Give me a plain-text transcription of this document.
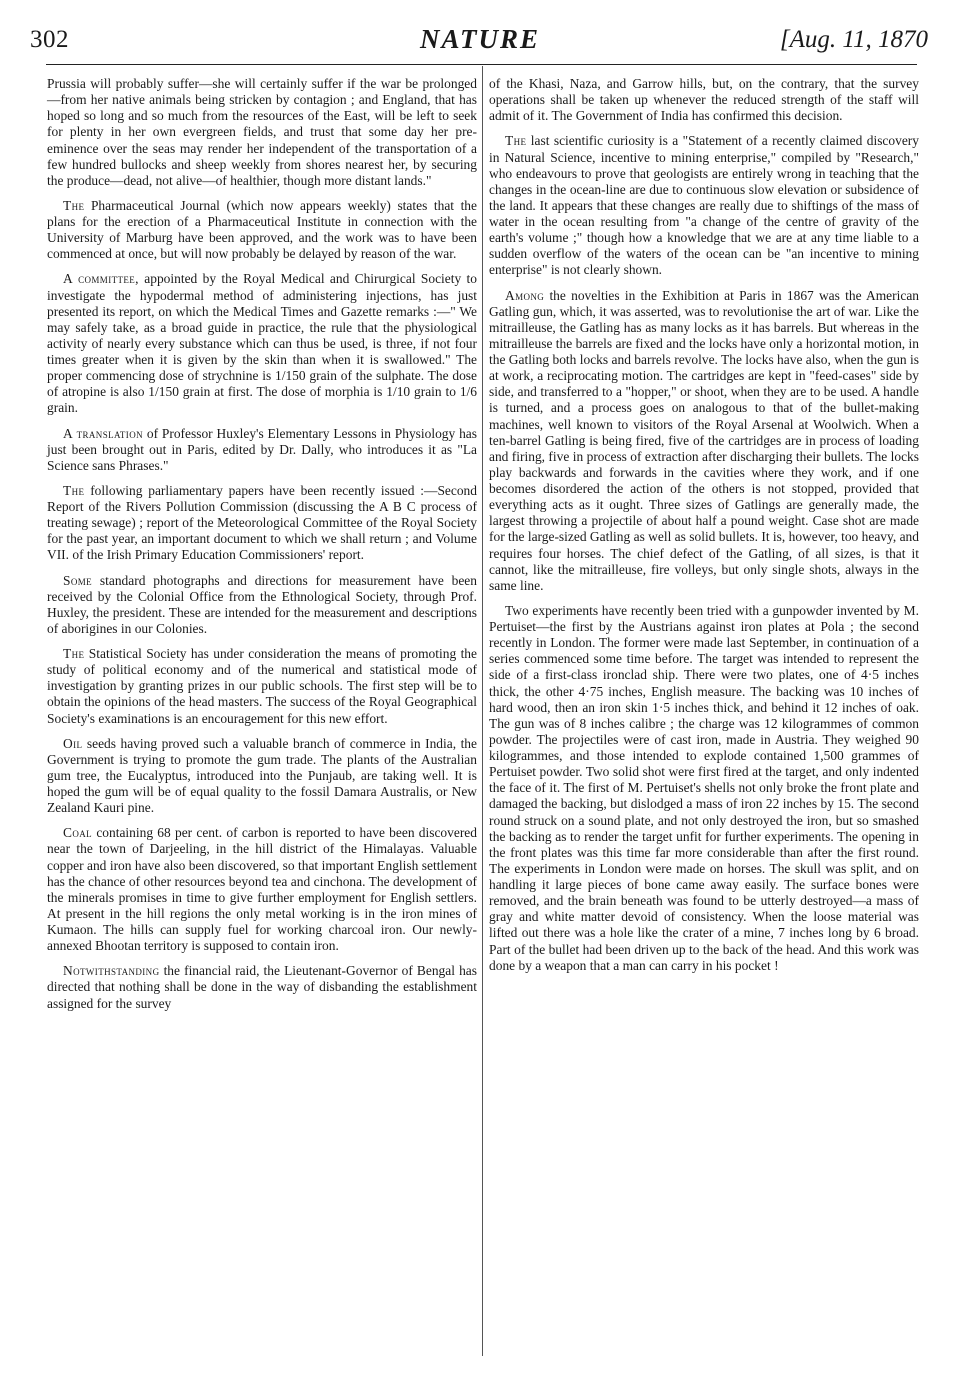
302	NATURE	[Aug. 11, 1870

Prussia will probably suffer—she will certainly suffer if the war be prolonged—from her native animals being stricken by contagion ; and England, that has hoped so long and so much from the resources of the East, will be left to seek for plenty in her own evergreen fields, and trust that some day her pre-eminence over the seas may render her independent of the transportation of a few hundred bullocks and sheep weekly from shores nearest her, by securing the produce—dead, not alive—of healthier, though more distant lands."

The Pharmaceutical Journal (which now appears weekly) states that the plans for the erection of a Pharmaceutical Institute in connection with the University of Marburg have been approved, and the work was to have been commenced at once, but will now probably be delayed by reason of the war.

A committee, appointed by the Royal Medical and Chirurgical Society to investigate the hypodermal method of administering injections, has just presented its report, on which the Medical Times and Gazette remarks :—" We may safely take, as a broad guide in practice, the rule that the physiological activity of nearly every substance which can thus be used, is three, if not four times greater when it is given by the skin than when it is swallowed." The proper commencing dose of strychnine is 1/150 grain of the sulphate. The dose of atropine is also 1/150 grain at first. The dose of morphia is 1/10 grain to 1/6 grain.

A translation of Professor Huxley's Elementary Lessons in Physiology has just been brought out in Paris, edited by Dr. Dally, who introduces it as "La Science sans Phrases."

The following parliamentary papers have been recently issued :—Second Report of the Rivers Pollution Commission (discussing the A B C process of treating sewage) ; report of the Meteorological Committee of the Royal Society for the past year, an important document to which we shall return ; and Volume VII. of the Irish Primary Education Commissioners' report.

Some standard photographs and directions for measurement have been received by the Colonial Office from the Ethnological Society, through Prof. Huxley, the president. These are intended for the measurement and descriptions of aborigines in our Colonies.

The Statistical Society has under consideration the means of promoting the study of political economy and of the numerical and statistical mode of investigation by granting prizes in our public schools. The first step will be to obtain the opinions of the head masters. The success of the Royal Geographical Society's examinations is an encouragement for this new effort.

Oil seeds having proved such a valuable branch of commerce in India, the Government is trying to promote the gum trade. The plants of the Australian gum tree, the Eucalyptus, introduced into the Punjaub, are taking well. It is hoped the gum will be of equal quality to the fossil Damara Australis, or New Zealand Kauri pine.

Coal containing 68 per cent. of carbon is reported to have been discovered near the town of Darjeeling, in the hill district of the Himalayas. Valuable copper and iron have also been discovered, so that important English settlement has the chance of other resources beyond tea and cinchona. The development of the minerals promises in time to give further employment for English settlers. At present in the hill regions the only metal working is in the iron mines of Kumaon. The hills can supply fuel for working charcoal iron. Our newly-annexed Bhootan territory is supposed to contain iron.

Notwithstanding the financial raid, the Lieutenant-Governor of Bengal has directed that nothing shall be done in the way of disbanding the establishment assigned for the survey

of the Khasi, Naza, and Garrow hills, but, on the contrary, that the survey operations shall be taken up whenever the reduced strength of the staff will admit of it. The Government of India has confirmed this decision.

The last scientific curiosity is a "Statement of a recently claimed discovery in Natural Science, incentive to mining enterprise," compiled by "Research," who endeavours to prove that geologists are entirely wrong in teaching that the changes in the ocean-line are due to continuous slow elevation or subsidence of the land. It appears that these changes are really due to shiftings of the mass of water in the ocean resulting from "a change of the centre of gravity of the earth's volume ;" though how a knowledge that we are at any time liable to a sudden overflow of the waters of the ocean can be "an incentive to mining enterprise" is not clearly shown.

Among the novelties in the Exhibition at Paris in 1867 was the American Gatling gun, which, it was asserted, was to revolutionise the art of war. Like the mitrailleuse, the Gatling has as many locks as it has barrels. But whereas in the mitrailleuse the barrels are fixed and the locks have only a horizontal motion, in the Gatling both locks and barrels revolve. The locks have also, when the gun is at work, a reciprocating motion. The cartridges are kept in "feed-cases" side by side, and transferred to a "hopper," or shoot, when they are to be used. A handle is turned, and a process goes on analogous to that of the bullet-making machines, well known to visitors of the Royal Arsenal at Woolwich. When a ten-barrel Gatling is being fired, five of the cartridges are in process of loading and firing, five in process of extraction after discharging their bullets. The locks play backwards and forwards in the cavities where they work, and if one becomes disordered the action of the others is not stopped, provided that everything acts as it ought. Three sizes of Gatlings are generally made, the largest throwing a projectile of about half a pound weight. Case shot are made for the large-sized Gatling as well as solid bullets. It is, however, too heavy, and requires four horses. The chief defect of the Gatling, of all sizes, is that it cannot, like the mitrailleuse, fire volleys, but only single shots, always in the same line.

Two experiments have recently been tried with a gunpowder invented by M. Pertuiset—the first by the Austrians against iron plates at Pola ; the second recently in London. The former were made last September, in continuation of a series commenced some time before. The target was intended to represent the side of a first-class ironclad ship. There were two plates, one of 4·5 inches thick, the other 4·75 inches, English measure. The backing was 10 inches of hard wood, then an iron skin 1·5 inches thick, and behind it 12 inches of oak. The gun was of 8 inches calibre ; the charge was 12 kilogrammes of common powder. The projectiles were of cast iron, made in Austria. They weighed 90 kilogrammes, and those intended to explode contained 1,500 grammes of Pertuiset powder. Two solid shot were first fired at the target, and only indented the face of it. The first of M. Pertuiset's shells not only broke the front plate and damaged the backing, but dislodged a mass of iron 22 inches by 15. The second round struck on a sound plate, and not only destroyed the iron, but so smashed the backing as to render the target unfit for further experiments. The opening in the front plates was this time far more considerable than after the first round. The experiments in London were made on horses. The skull was split, and on handling it large pieces of bone came away easily. The surface bones were removed, and the brain beneath was found to be utterly destroyed—a mass of gray and white matter devoid of consistency. When the loose material was lifted out there was a hole like the crater of a mine, 7 inches long by 6 broad. Part of the bullet had been driven up to the back of the head. And this work was done by a weapon that a man can carry in his pocket !
